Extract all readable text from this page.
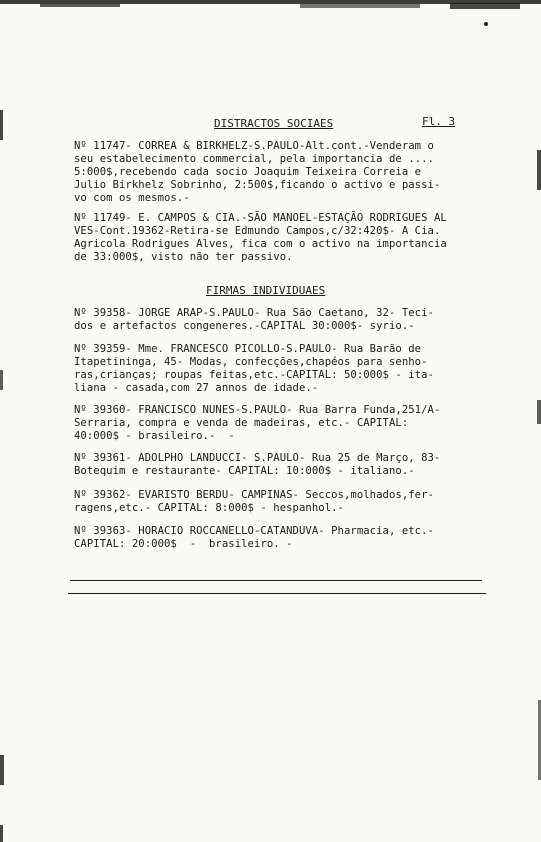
DISTRACTOS SOCIAES	Fl. 3
Nº 11747- CORREA & BIRKHELZ-S.PAULO-Alt.cont.-Venderam o
seu estabelecimento commercial, pela importancia de ....
5:000$,recebendo cada socio Joaquim Teixeira Correia e
Julio Birkhelz Sobrinho, 2:500$,ficando o activo e passi-
vo com os mesmos.-
Nº 11749- E. CAMPOS & CIA.-SÃO MANOEL-ESTAÇÃO RODRIGUES AL
VES-Cont.19362-Retira-se Edmundo Campos,c/32:420$- A Cia.
Agricola Rodrigues Alves, fica com o activo na importancia
de 33:000$, visto não ter passivo.
FIRMAS INDIVIDUAES
Nº 39358- JORGE ARAP-S.PAULO- Rua São Caetano, 32- Teci-
dos e artefactos congeneres.-CAPITAL 30:000$- syrio.-
Nº 39359- Mme. FRANCESCO PICOLLO-S.PAULO- Rua Barão de
Itapetininga, 45- Modas, confecções,chapéos para senho-
ras,crianças; roupas feitas,etc.-CAPITAL: 50:000$ - ita-
liana - casada,com 27 annos de idade.-
Nº 39360- FRANCISCO NUNES-S.PAULO- Rua Barra Funda,251/A-
Serraria, compra e venda de madeiras, etc.- CAPITAL:
40:000$ - brasileiro.-  -
Nº 39361- ADOLPHO LANDUCCI- S.PAULO- Rua 25 de Março, 83-
Botequim e restaurante- CAPITAL: 10:000$ - italiano.-
Nº 39362- EVARISTO BERDU- CAMPINAS- Seccos,molhados,fer-
ragens,etc.- CAPITAL: 8:000$ - hespanhol.-
Nº 39363- HORACIO ROCCANELLO-CATANDUVA- Pharmacia, etc.-
CAPITAL: 20:000$  -  brasileiro. -
